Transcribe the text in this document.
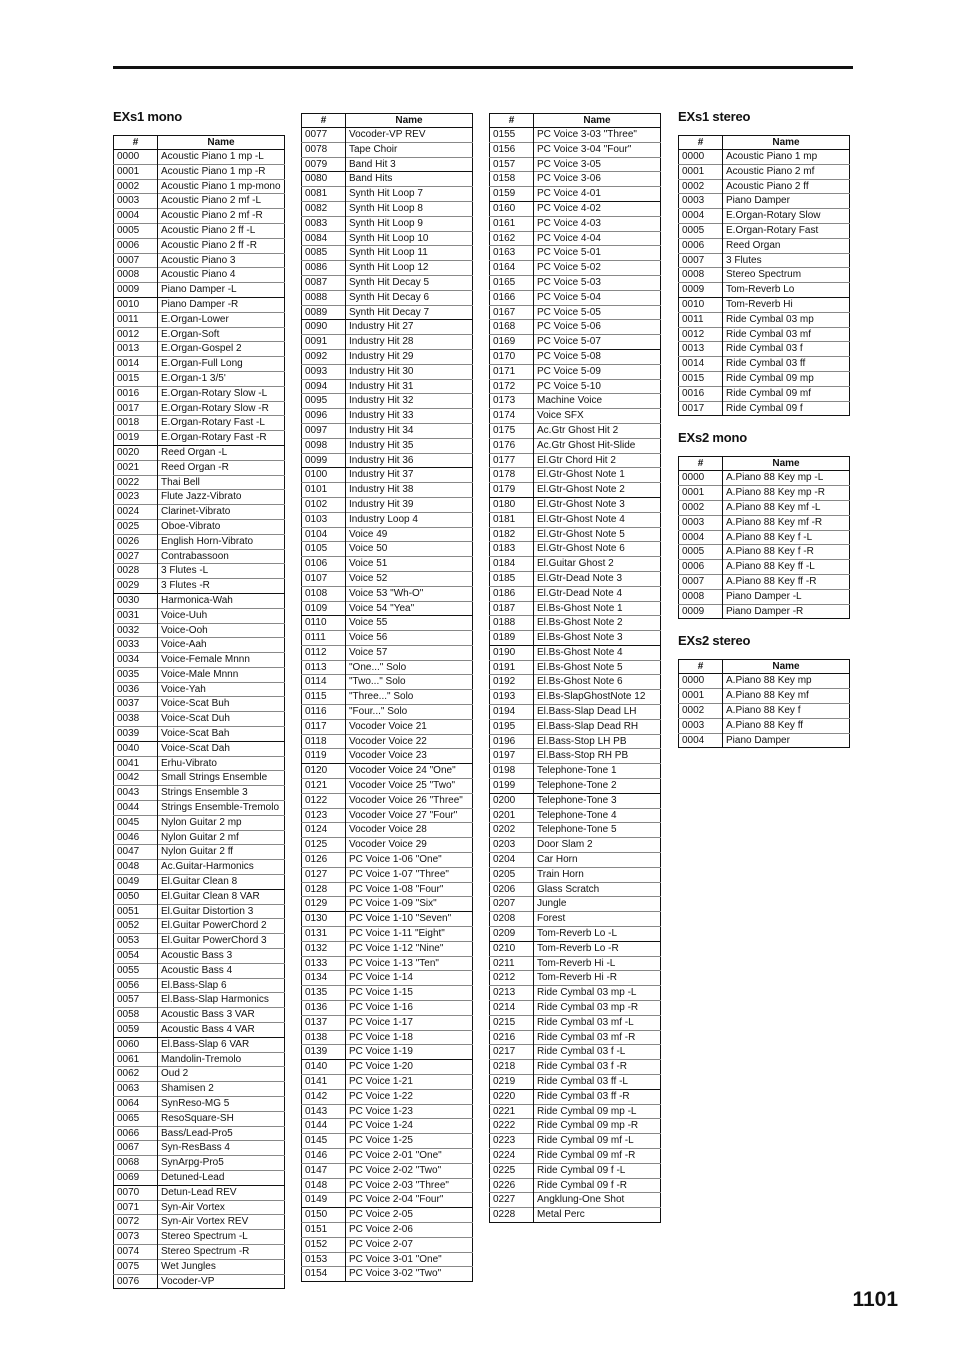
EXs1 mono
#	Name
0000	Acoustic Piano 1 mp -L
0001	Acoustic Piano 1 mp -R
0002	Acoustic Piano 1 mp-mono
0003	Acoustic Piano 2 mf -L
0004	Acoustic Piano 2 mf -R
0005	Acoustic Piano 2 ff -L
0006	Acoustic Piano 2 ff -R
0007	Acoustic Piano 3
0008	Acoustic Piano 4
0009	Piano Damper -L
0010	Piano Damper -R
0011	E.Organ-Lower
0012	E.Organ-Soft
0013	E.Organ-Gospel 2
0014	E.Organ-Full Long
0015	E.Organ-1 3/5'
0016	E.Organ-Rotary Slow -L
0017	E.Organ-Rotary Slow -R
0018	E.Organ-Rotary Fast -L
0019	E.Organ-Rotary Fast -R
0020	Reed Organ -L
0021	Reed Organ -R
0022	Thai Bell
0023	Flute Jazz-Vibrato
0024	Clarinet-Vibrato
0025	Oboe-Vibrato
0026	English Horn-Vibrato
0027	Contrabassoon
0028	3 Flutes -L
0029	3 Flutes -R
0030	Harmonica-Wah
0031	Voice-Uuh
0032	Voice-Ooh
0033	Voice-Aah
0034	Voice-Female Mnnn
0035	Voice-Male Mnnn
0036	Voice-Yah
0037	Voice-Scat Buh
0038	Voice-Scat Duh
0039	Voice-Scat Bah
0040	Voice-Scat Dah
0041	Erhu-Vibrato
0042	Small Strings Ensemble
0043	Strings Ensemble 3
0044	Strings Ensemble-Tremolo
0045	Nylon Guitar 2 mp
0046	Nylon Guitar 2 mf
0047	Nylon Guitar 2 ff
0048	Ac.Guitar-Harmonics
0049	El.Guitar Clean 8
0050	El.Guitar Clean 8 VAR
0051	El.Guitar Distortion 3
0052	El.Guitar PowerChord 2
0053	El.Guitar PowerChord 3
0054	Acoustic Bass 3
0055	Acoustic Bass 4
0056	El.Bass-Slap 6
0057	El.Bass-Slap Harmonics
0058	Acoustic Bass 3 VAR
0059	Acoustic Bass 4 VAR
0060	El.Bass-Slap 6 VAR
0061	Mandolin-Tremolo
0062	Oud 2
0063	Shamisen 2
0064	SynReso-MG 5
0065	ResoSquare-SH
0066	Bass/Lead-Pro5
0067	Syn-ResBass 4
0068	SynArpg-Pro5
0069	Detuned-Lead
0070	Detun-Lead REV
0071	Syn-Air Vortex
0072	Syn-Air Vortex REV
0073	Stereo Spectrum -L
0074	Stereo Spectrum -R
0075	Wet Jungles
0076	Vocoder-VP
#	Name
0077	Vocoder-VP REV
0078	Tape Choir
0079	Band Hit 3
0080	Band Hits
0081	Synth Hit Loop 7
0082	Synth Hit Loop 8
0083	Synth Hit Loop 9
0084	Synth Hit Loop 10
0085	Synth Hit Loop 11
0086	Synth Hit Loop 12
0087	Synth Hit Decay 5
0088	Synth Hit Decay 6
0089	Synth Hit Decay 7
0090	Industry Hit 27
0091	Industry Hit 28
0092	Industry Hit 29
0093	Industry Hit 30
0094	Industry Hit 31
0095	Industry Hit 32
0096	Industry Hit 33
0097	Industry Hit 34
0098	Industry Hit 35
0099	Industry Hit 36
0100	Industry Hit 37
0101	Industry Hit 38
0102	Industry Hit 39
0103	Industry Loop 4
0104	Voice 49
0105	Voice 50
0106	Voice 51
0107	Voice 52
0108	Voice 53 "Wh-O"
0109	Voice 54 "Yea"
0110	Voice 55
0111	Voice 56
0112	Voice 57
0113	"One..." Solo
0114	"Two..." Solo
0115	"Three..." Solo
0116	"Four..." Solo
0117	Vocoder Voice 21
0118	Vocoder Voice 22
0119	Vocoder Voice 23
0120	Vocoder Voice 24 "One"
0121	Vocoder Voice 25 "Two"
0122	Vocoder Voice 26 "Three"
0123	Vocoder Voice 27 "Four"
0124	Vocoder Voice 28
0125	Vocoder Voice 29
0126	PC Voice 1-06 "One"
0127	PC Voice 1-07 "Three"
0128	PC Voice 1-08 "Four"
0129	PC Voice 1-09 "Six"
0130	PC Voice 1-10 "Seven"
0131	PC Voice 1-11 "Eight"
0132	PC Voice 1-12 "Nine"
0133	PC Voice 1-13 "Ten"
0134	PC Voice 1-14
0135	PC Voice 1-15
0136	PC Voice 1-16
0137	PC Voice 1-17
0138	PC Voice 1-18
0139	PC Voice 1-19
0140	PC Voice 1-20
0141	PC Voice 1-21
0142	PC Voice 1-22
0143	PC Voice 1-23
0144	PC Voice 1-24
0145	PC Voice 1-25
0146	PC Voice 2-01 "One"
0147	PC Voice 2-02 "Two"
0148	PC Voice 2-03 "Three"
0149	PC Voice 2-04 "Four"
0150	PC Voice 2-05
0151	PC Voice 2-06
0152	PC Voice 2-07
0153	PC Voice 3-01 "One"
0154	PC Voice 3-02 "Two"
#	Name
0155	PC Voice 3-03 "Three"
0156	PC Voice 3-04 "Four"
0157	PC Voice 3-05
0158	PC Voice 3-06
0159	PC Voice 4-01
0160	PC Voice 4-02
0161	PC Voice 4-03
0162	PC Voice 4-04
0163	PC Voice 5-01
0164	PC Voice 5-02
0165	PC Voice 5-03
0166	PC Voice 5-04
0167	PC Voice 5-05
0168	PC Voice 5-06
0169	PC Voice 5-07
0170	PC Voice 5-08
0171	PC Voice 5-09
0172	PC Voice 5-10
0173	Machine Voice
0174	Voice SFX
0175	Ac.Gtr Ghost Hit 2
0176	Ac.Gtr Ghost Hit-Slide
0177	El.Gtr Chord Hit 2
0178	El.Gtr-Ghost Note 1
0179	El.Gtr-Ghost Note 2
0180	El.Gtr-Ghost Note 3
0181	El.Gtr-Ghost Note 4
0182	El.Gtr-Ghost Note 5
0183	El.Gtr-Ghost Note 6
0184	El.Guitar Ghost 2
0185	El.Gtr-Dead Note 3
0186	El.Gtr-Dead Note 4
0187	El.Bs-Ghost Note 1
0188	El.Bs-Ghost Note 2
0189	El.Bs-Ghost Note 3
0190	El.Bs-Ghost Note 4
0191	El.Bs-Ghost Note 5
0192	El.Bs-Ghost Note 6
0193	El.Bs-SlapGhostNote 12
0194	El.Bass-Slap Dead LH
0195	El.Bass-Slap Dead RH
0196	El.Bass-Stop LH PB
0197	El.Bass-Stop RH PB
0198	Telephone-Tone 1
0199	Telephone-Tone 2
0200	Telephone-Tone 3
0201	Telephone-Tone 4
0202	Telephone-Tone 5
0203	Door Slam 2
0204	Car Horn
0205	Train Horn
0206	Glass Scratch
0207	Jungle
0208	Forest
0209	Tom-Reverb Lo -L
0210	Tom-Reverb Lo -R
0211	Tom-Reverb Hi -L
0212	Tom-Reverb Hi -R
0213	Ride Cymbal 03 mp -L
0214	Ride Cymbal 03 mp -R
0215	Ride Cymbal 03 mf -L
0216	Ride Cymbal 03 mf -R
0217	Ride Cymbal 03 f -L
0218	Ride Cymbal 03 f -R
0219	Ride Cymbal 03 ff -L
0220	Ride Cymbal 03 ff -R
0221	Ride Cymbal 09 mp -L
0222	Ride Cymbal 09 mp -R
0223	Ride Cymbal 09 mf -L
0224	Ride Cymbal 09 mf -R
0225	Ride Cymbal 09 f -L
0226	Ride Cymbal 09 f -R
0227	Angklung-One Shot
0228	Metal Perc
EXs1 stereo
#	Name
0000	Acoustic Piano 1 mp
0001	Acoustic Piano 2 mf
0002	Acoustic Piano 2 ff
0003	Piano Damper
0004	E.Organ-Rotary Slow
0005	E.Organ-Rotary Fast
0006	Reed Organ
0007	3 Flutes
0008	Stereo Spectrum
0009	Tom-Reverb Lo
0010	Tom-Reverb Hi
0011	Ride Cymbal 03 mp
0012	Ride Cymbal 03 mf
0013	Ride Cymbal 03 f
0014	Ride Cymbal 03 ff
0015	Ride Cymbal 09 mp
0016	Ride Cymbal 09 mf
0017	Ride Cymbal 09 f
EXs2 mono
#	Name
0000	A.Piano 88 Key mp -L
0001	A.Piano 88 Key mp -R
0002	A.Piano 88 Key mf -L
0003	A.Piano 88 Key mf -R
0004	A.Piano 88 Key f -L
0005	A.Piano 88 Key f -R
0006	A.Piano 88 Key ff -L
0007	A.Piano 88 Key ff -R
0008	Piano Damper -L
0009	Piano Damper -R
EXs2 stereo
#	Name
0000	A.Piano 88 Key mp
0001	A.Piano 88 Key mf
0002	A.Piano 88 Key f
0003	A.Piano 88 Key ff
0004	Piano Damper
1101
